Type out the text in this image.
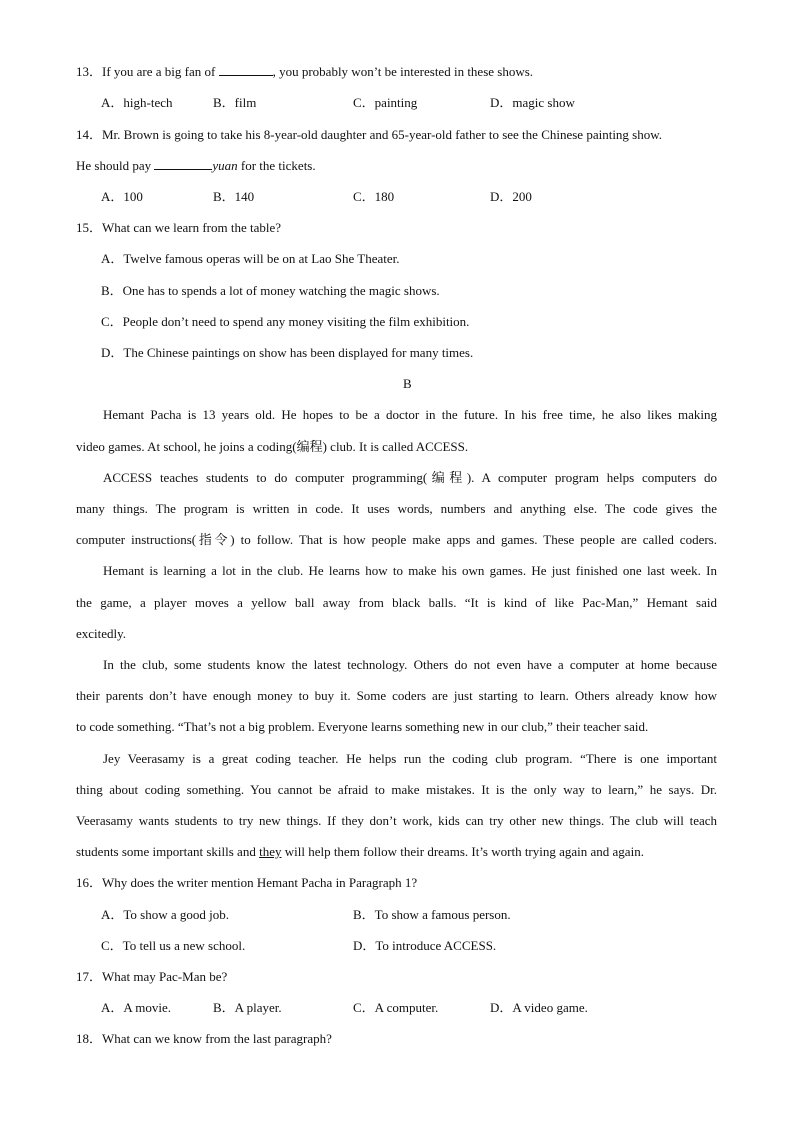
13．If you are a big fan of	, you probably won’t be interested in these shows.
A．high-tech	B．film	C．painting	D．magic show
14．Mr. Brown is going to take his 8-year-old daughter and 65-year-old father to see the Chinese painting show.
He should pay	yuan for the tickets.
A．100	B．140	C．180	D．200
15．What can we learn from the table?
A．Twelve famous operas will be on at Lao She Theater.
B．One has to spends a lot of money watching the magic shows.
C．People don’t need to spend any money visiting the film exhibition.
D．The Chinese paintings on show has been displayed for many times.
B
Hemant Pacha is 13 years old. He hopes to be a doctor in the future. In his free time, he also likes making
video games. At school, he joins a coding(编程) club. It is called ACCESS.
ACCESS teaches students to do computer programming(编程). A computer program helps computers do
many things. The program is written in code. It uses words, numbers and anything else. The code gives the
computer instructions(指令) to follow. That is how people make apps and games. These people are called coders.
Hemant is learning a lot in the club. He learns how to make his own games. He just finished one last week. In
the game, a player moves a yellow ball away from black balls. “It is kind of like Pac-Man,” Hemant said
excitedly.
In the club, some students know the latest technology. Others do not even have a computer at home because
their parents don’t have enough money to buy it. Some coders are just starting to learn. Others already know how
to code something. “That’s not a big problem. Everyone learns something new in our club,” their teacher said.
Jey Veerasamy is a great coding teacher. He helps run the coding club program. “There is one important
thing about coding something. You cannot be afraid to make mistakes. It is the only way to learn,” he says. Dr.
Veerasamy wants students to try new things. If they don’t work, kids can try other new things. The club will teach
students some important skills and they will help them follow their dreams. It’s worth trying again and again.
16．Why does the writer mention Hemant Pacha in Paragraph 1?
A．To show a good job.	B．To show a famous person.
C．To tell us a new school.	D．To introduce ACCESS.
17．What may Pac-Man be?
A．A movie.	B．A player.	C．A computer.	D．A video game.
18．What can we know from the last paragraph?
